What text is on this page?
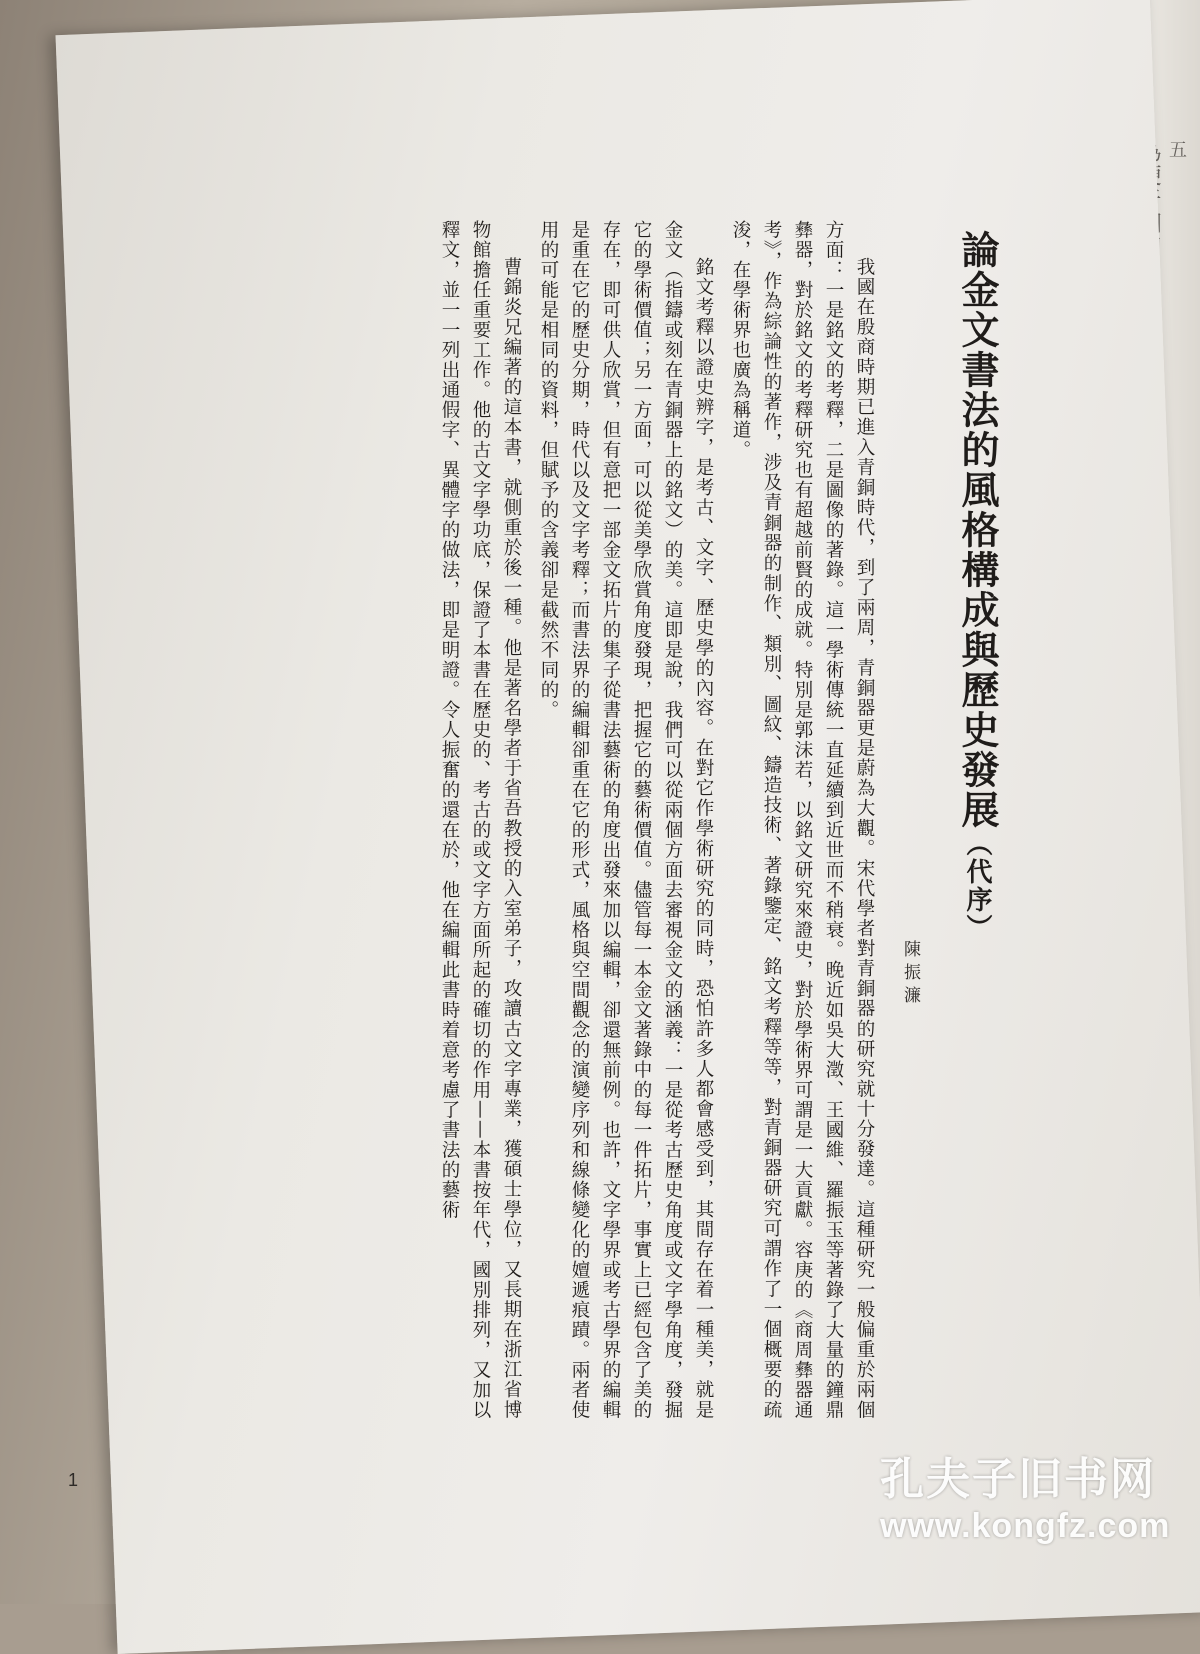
五
論金文書法的風格構成與歷史發展（代序）
陳振濂

我國在殷商時期已進入青銅時代，到了兩周，青銅器更是蔚為大觀。宋代學者對青銅器的研究就十分發達。這種研究一般偏重於兩個方面：一是銘文的考釋，二是圖像的著錄。這一學術傳統一直延續到近世而不稍衰。晚近如吳大澂、王國維、羅振玉等著錄了大量的鐘鼎彝器，對於銘文的考釋研究也有超越前賢的成就。特別是郭沫若，以銘文研究來證史，對於學術界可謂是一大貢獻。容庚的《商周彝器通考》，作為綜論性的著作，涉及青銅器的制作、類別、圖紋、鑄造技術、著錄鑒定、銘文考釋等等，對青銅器研究可謂作了一個概要的疏浚，在學術界也廣為稱道。

銘文考釋以證史辨字，是考古、文字、歷史學的內容。在對它作學術研究的同時，恐怕許多人都會感受到，其間存在着一種美，就是金文（指鑄或刻在青銅器上的銘文）的美。這即是說，我們可以從兩個方面去審視金文的涵義：一是從考古歷史角度或文字學角度，發掘它的學術價值；另一方面，可以從美學欣賞角度發現，把握它的藝術價值。儘管每一本金文著錄中的每一件拓片，事實上已經包含了美的存在，即可供人欣賞，但有意把一部金文拓片的集子從書法藝術的角度出發來加以編輯，卻還無前例。也許，文字學界或考古學界的編輯是重在它的歷史分期，時代以及文字考釋；而書法界的編輯卻重在它的形式，風格與空間觀念的演變序列和線條變化的嬗遞痕蹟。兩者使用的可能是相同的資料，但賦予的含義卻是截然不同的。

曹錦炎兄編著的這本書，就側重於後一種。他是著名學者于省吾教授的入室弟子，攻讀古文字專業，獲碩士學位，又長期在浙江省博物館擔任重要工作。他的古文字學功底，保證了本書在歷史的、考古的或文字方面所起的確切的作用——本書按年代，國別排列，又加以釋文，並一一列出通假字、異體字的做法，即是明證。令人振奮的還在於，他在編輯此書時着意考慮了書法的藝術

1	孔夫子旧书网
www.kongfz.com
